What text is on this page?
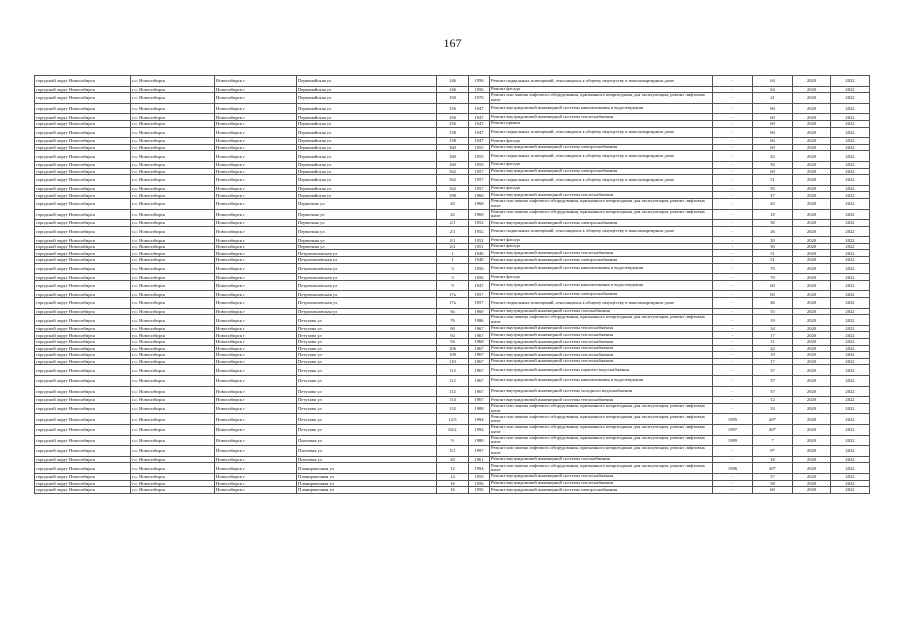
167
городской округ Новосибирск	г.о. Новосибирск	Новосибирск г	Первомайская ул	146	1956	Ремонт подвальных помещений, относящихся к общему имуществу в многоквартирном доме	-	64	2020	2022
городской округ Новосибирск	г.о. Новосибирск	Новосибирск г	Первомайская ул	146	1956	Ремонт фасада	-	64	2020	2022
городской округ Новосибирск	г.о. Новосибирск	Новосибирск г	Первомайская ул	150	1970	Ремонт или замена лифтового оборудования, признанного непригодным для эксплуатации, ремонт лифтовых шахт	-	21	2020	2022
городской округ Новосибирск	г.о. Новосибирск	Новосибирск г	Первомайская ул	156	1947	Ремонт внутридомовой инженерной системы канализования и водоотведения	-	60	2020	2022
городской округ Новосибирск	г.о. Новосибирск	Новосибирск г	Первомайская ул	156	1947	Ремонт внутридомовой инженерной системы теплоснабжения	-	60	2020	2022
городской округ Новосибирск	г.о. Новосибирск	Новосибирск г	Первомайская ул	156	1947	Ремонт крыши	-	60	2020	2022
городской округ Новосибирск	г.о. Новосибирск	Новосибирск г	Первомайская ул	158	1947	Ремонт подвальных помещений, относящихся к общему имуществу в многоквартирном доме	-	60	2020	2022
городской округ Новосибирск	г.о. Новосибирск	Новосибирск г	Первомайская ул	158	1947	Ремонт фасада	-	60	2020	2022
городской округ Новосибирск	г.о. Новосибирск	Новосибирск г	Первомайская ул	160	1955	Ремонт внутридомовой инженерной системы электроснабжения	-	60	2020	2022
городской округ Новосибирск	г.о. Новосибирск	Новосибирск г	Первомайская ул	160	1955	Ремонт подвальных помещений, относящихся к общему имуществу в многоквартирном доме	-	43	2020	2022
городской округ Новосибирск	г.о. Новосибирск	Новосибирск г	Первомайская ул	160	1955	Ремонт фасада	-	50	2020	2022
городской округ Новосибирск	г.о. Новосибирск	Новосибирск г	Первомайская ул	162	1957	Ремонт внутридомовой инженерной системы электроснабжения	-	60	2020	2022
городской округ Новосибирск	г.о. Новосибирск	Новосибирск г	Первомайская ул	162	1957	Ремонт подвальных помещений, относящихся к общему имуществу в многоквартирном доме	-	51	2020	2022
городской округ Новосибирск	г.о. Новосибирск	Новосибирск г	Первомайская ул	162	1957	Ремонт фасада	-	55	2020	2022
городской округ Новосибирск	г.о. Новосибирск	Новосибирск г	Первомайская ул	188	1960	Ремонт внутридомовой инженерной системы теплоснабжения	-	47	2020	2022
городской округ Новосибирск	г.о. Новосибирск	Новосибирск г	Первотина ул	20	1968	Ремонт или замена лифтового оборудования, признанного непригодным для эксплуатации, ремонт лифтовых шахт	-	43	2020	2022
городской округ Новосибирск	г.о. Новосибирск	Новосибирск г	Первотина ул	22	1969	Ремонт или замена лифтового оборудования, признанного непригодным для эксплуатации, ремонт лифтовых шахт	-	18	2020	2022
городской округ Новосибирск	г.о. Новосибирск	Новосибирск г	Первотина ул	2/1	1952	Ремонт внутридомовой инженерной системы электроснабжения	-	50	2020	2022
городской округ Новосибирск	г.о. Новосибирск	Новосибирск г	Первотина ул	2/1	1952	Ремонт подвальных помещений, относящихся к общему имуществу в многоквартирном доме	-	26	2020	2022
городской округ Новосибирск	г.о. Новосибирск	Новосибирск г	Первотина ул	2/1	1952	Ремонт фасада	-	20	2020	2022
городской округ Новосибирск	г.о. Новосибирск	Новосибирск г	Первотина ул	2/2	1951	Ремонт фасада	-	50	2020	2022
городской округ Новосибирск	г.о. Новосибирск	Новосибирск г	Петропавловская ул	1	1948	Ремонт внутридомовой инженерной системы теплоснабжения	-	51	2020	2022
городской округ Новосибирск	г.о. Новосибирск	Новосибирск г	Петропавловская ул	1	1948	Ремонт внутридомовой инженерной системы электроснабжения	-	51	2020	2022
городской округ Новосибирск	г.о. Новосибирск	Новосибирск г	Петропавловская ул	3	1956	Ремонт внутридомовой инженерной системы канализования и водоотведения	-	70	2020	2022
городской округ Новосибирск	г.о. Новосибирск	Новосибирск г	Петропавловская ул	3	1956	Ремонт фасада	-	70	2020	2022
городской округ Новосибирск	г.о. Новосибирск	Новосибирск г	Петропавловская ул	9	1947	Ремонт внутридомовой инженерной системы канализования и водоотведения	-	60	2020	2022
городской округ Новосибирск	г.о. Новосибирск	Новосибирск г	Петропавловская ул	17а	1957	Ремонт внутридомовой инженерной системы электроснабжения	-	60	2020	2022
городской округ Новосибирск	г.о. Новосибирск	Новосибирск г	Петропавловская ул	17а	1957	Ремонт подвальных помещений, относящихся к общему имуществу в многоквартирном доме	-	46	2020	2022
городской округ Новосибирск	г.о. Новосибирск	Новосибирск г	Петропавловская ул	8а	1960	Ремонт внутридомовой инженерной системы газоснабжения	-	55	2020	2022
городской округ Новосибирск	г.о. Новосибирск	Новосибирск г	Петухова ул	76	1986	Ремонт или замена лифтового оборудования, признанного непригодным для эксплуатации, ремонт лифтовых шахт	-	19	2020	2022
городской округ Новосибирск	г.о. Новосибирск	Новосибирск г	Петухова ул	90	1967	Ремонт внутридомовой инженерной системы теплоснабжения	-	34	2020	2022
городской округ Новосибирск	г.о. Новосибирск	Новосибирск г	Петухова ул	92	1967	Ремонт внутридомовой инженерной системы теплоснабжения	-	17	2020	2022
городской округ Новосибирск	г.о. Новосибирск	Новосибирск г	Петухова ул	94	1968	Ремонт внутридомовой инженерной системы теплоснабжения	-	11	2020	2022
городской округ Новосибирск	г.о. Новосибирск	Новосибирск г	Петухова ул	106	1967	Ремонт внутридомовой инженерной системы теплоснабжения	-	22	2020	2022
городской округ Новосибирск	г.о. Новосибирск	Новосибирск г	Петухова ул	108	1967	Ремонт внутридомовой инженерной системы теплоснабжения	-	19	2020	2022
городской округ Новосибирск	г.о. Новосибирск	Новосибирск г	Петухова ул	110	1967	Ремонт внутридомовой инженерной системы теплоснабжения	-	17	2020	2022
городской округ Новосибирск	г.о. Новосибирск	Новосибирск г	Петухова ул	112	1967	Ремонт внутридомовой инженерной системы горячего водоснабжения	-	37	2020	2022
городской округ Новосибирск	г.о. Новосибирск	Новосибирск г	Петухова ул	112	1967	Ремонт внутридомовой инженерной системы канализования и водоотведения	-	37	2020	2022
городской округ Новосибирск	г.о. Новосибирск	Новосибирск г	Петухова ул	112	1967	Ремонт внутридомовой инженерной системы холодного водоснабжения	-	37	2020	2022
городской округ Новосибирск	г.о. Новосибирск	Новосибирск г	Петухова ул	114	1967	Ремонт внутридомовой инженерной системы теплоснабжения	-	12	2020	2022
городской округ Новосибирск	г.о. Новосибирск	Новосибирск г	Петухова ул	132	1988	Ремонт или замена лифтового оборудования, признанного непригодным для эксплуатации, ремонт лифтовых шахт	-	33	2020	2022
городской округ Новосибирск	г.о. Новосибирск	Новосибирск г	Петухова ул	12/3	1994	Ремонт или замена лифтового оборудования, признанного непригодным для эксплуатации, ремонт лифтовых шахт	1995	40*	2020	2022
городской округ Новосибирск	г.о. Новосибирск	Новосибирск г	Петухова ул	82/2	1994	Ремонт или замена лифтового оборудования, признанного непригодным для эксплуатации, ремонт лифтовых шахт	1997	40*	2020	2022
городской округ Новосибирск	г.о. Новосибирск	Новосибирск г	Пихтовая ул	9	1989	Ремонт или замена лифтового оборудования, признанного непригодным для эксплуатации, ремонт лифтовых шахт	1989	7	2020	2022
городской округ Новосибирск	г.о. Новосибирск	Новосибирск г	Пихтовая ул	5/1	1997	Ремонт или замена лифтового оборудования, признанного непригодным для эксплуатации, ремонт лифтовых шахт	-	9*	2020	2022
городской округ Новосибирск	г.о. Новосибирск	Новосибирск г	Пихтовая ул	20	1961	Ремонт внутридомовой инженерной системы газоснабжения	-	18	2020	2022
городской округ Новосибирск	г.о. Новосибирск	Новосибирск г	Планировочная ул	12	1994	Ремонт или замена лифтового оборудования, признанного непригодным для эксплуатации, ремонт лифтовых шахт	1996	40*	2020	2022
городской округ Новосибирск	г.о. Новосибирск	Новосибирск г	Планировочная ул	14	1955	Ремонт внутридомовой инженерной системы теплоснабжения	-	57	2020	2022
городской округ Новосибирск	г.о. Новосибирск	Новосибирск г	Планировочная ул	16	1956	Ремонт внутридомовой инженерной системы теплоснабжения	-	58	2020	2022
городской округ Новосибирск	г.о. Новосибирск	Новосибирск г	Планировочная ул	16	1956	Ремонт внутридомовой инженерной системы электроснабжения	-	60	2020	2022
